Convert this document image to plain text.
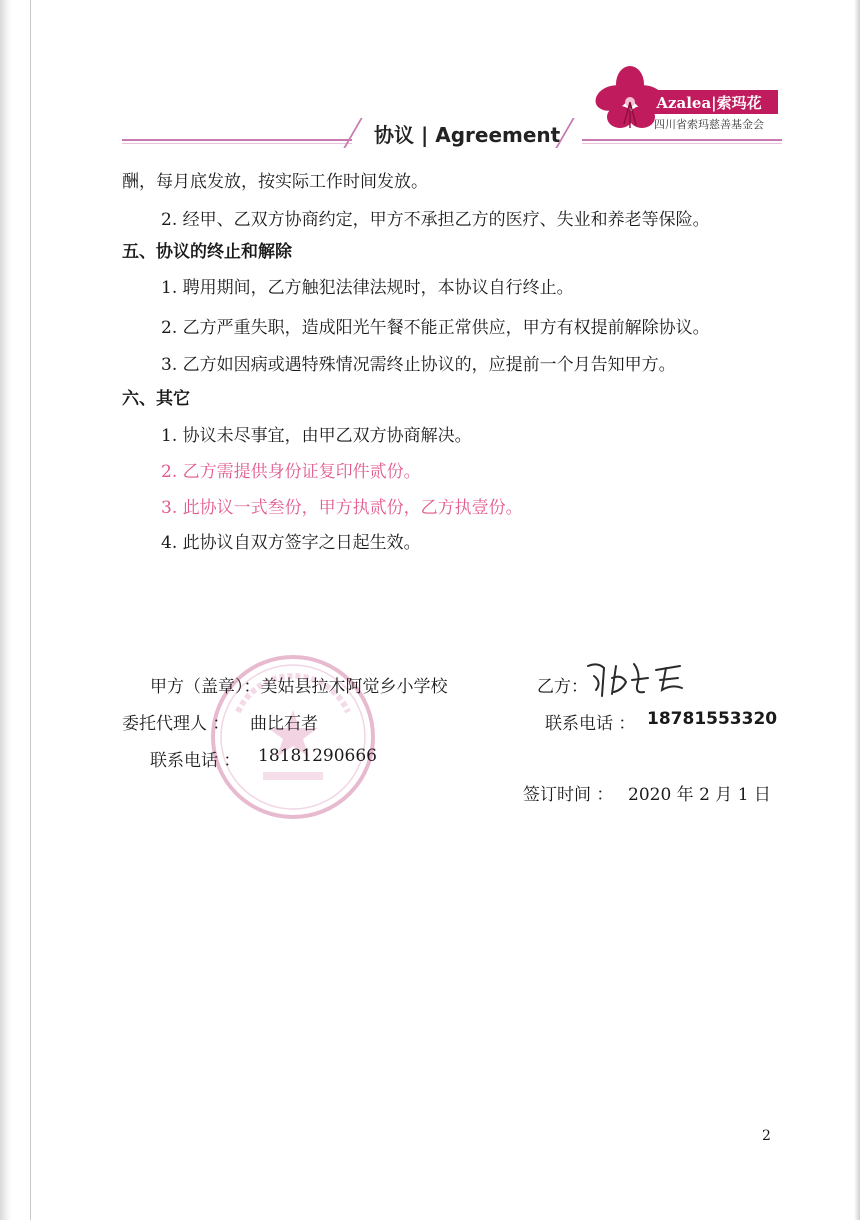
协议 | Agreement
Azalea|索玛花
四川省索玛慈善基金会
酬，每月底发放，按实际工作时间发放。
2. 经甲、乙双方协商约定，甲方不承担乙方的医疗、失业和养老等保险。
五、协议的终止和解除
1. 聘用期间，乙方触犯法律法规时，本协议自行终止。
2. 乙方严重失职，造成阳光午餐不能正常供应，甲方有权提前解除协议。
3. 乙方如因病或遇特殊情况需终止协议的，应提前一个月告知甲方。
六、其它
1. 协议未尽事宜，由甲乙双方协商解决。
2. 乙方需提供身份证复印件贰份。
3. 此协议一式叁份，甲方执贰份，乙方执壹份。
4. 此协议自双方签字之日起生效。
甲方（盖章）：美姑县拉木阿觉乡小学校	乙方：
委托代理人 ： 曲比石者	联系电话 ： 18781553320
联系电话 ： 18181290666
签订时间 ： 2020 年 2 月 1 日
2
